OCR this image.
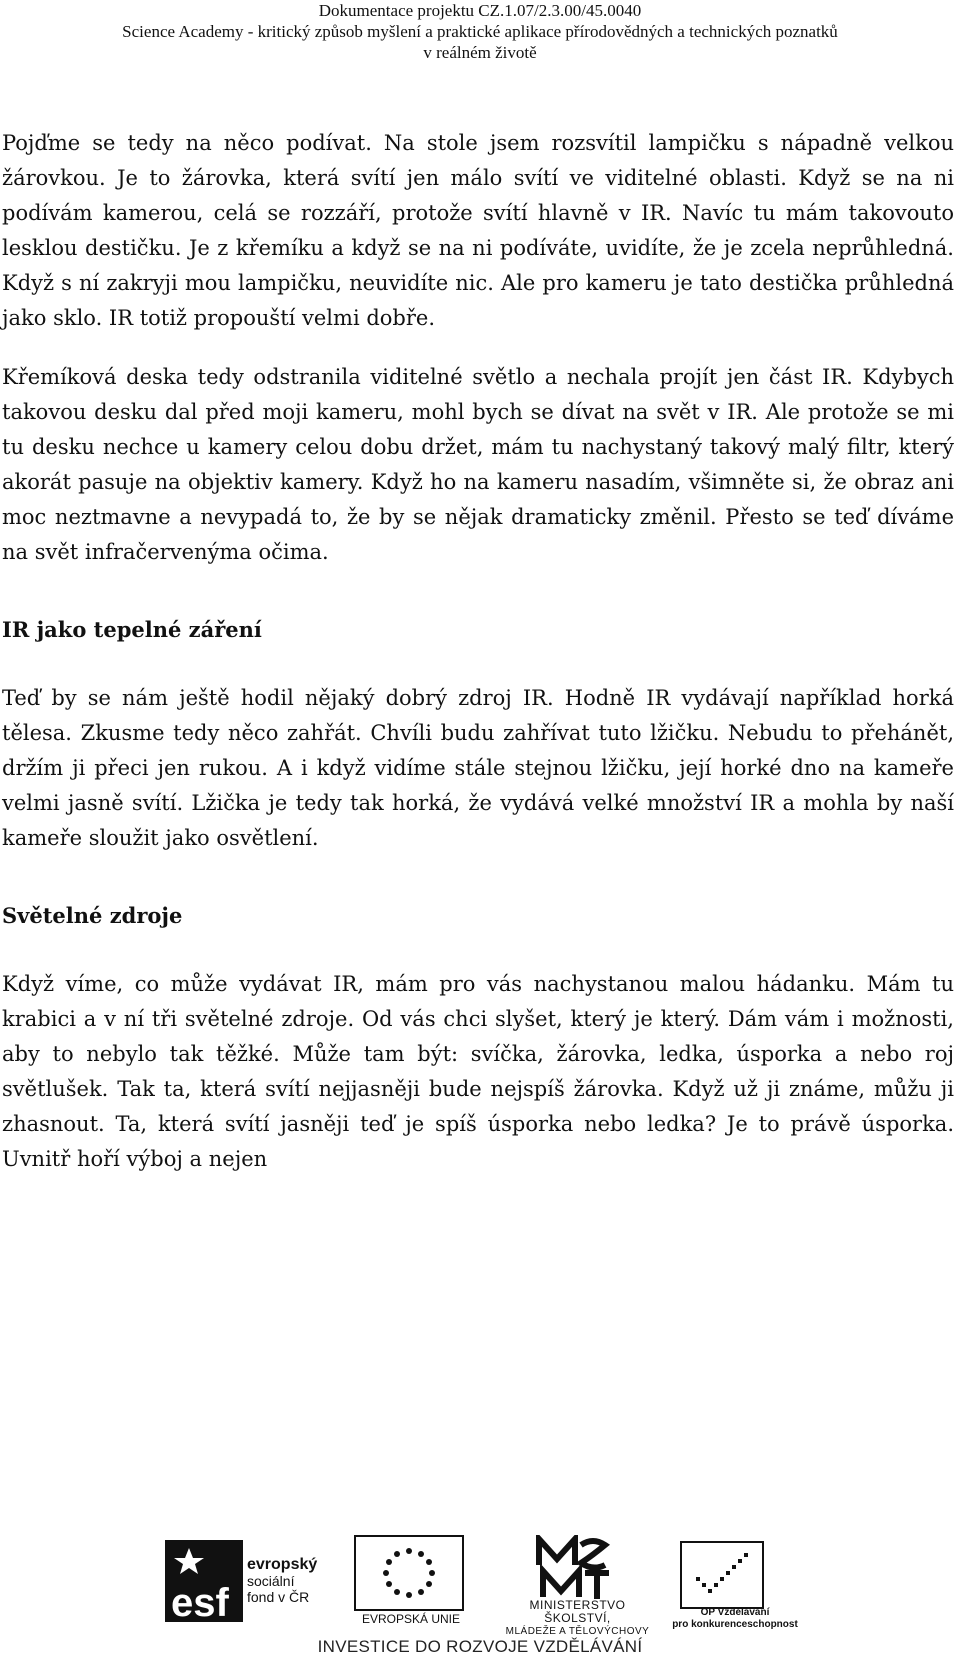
Dokumentace projektu CZ.1.07/2.3.00/45.0040
Science Academy - kritický způsob myšlení a praktické aplikace přírodovědných a technických poznatků
v reálném životě

Pojďme se tedy na něco podívat. Na stole jsem rozsvítil lampičku s nápadně velkou žárovkou. Je to žárovka, která svítí jen málo svítí ve viditelné oblasti. Když se na ni podívám kamerou, celá se rozzáří, protože svítí hlavně v IR. Navíc tu mám takovouto lesklou destičku. Je z křemíku a když se na ni podíváte, uvidíte, že je zcela neprůhledná. Když s ní zakryji mou lampičku, neuvidíte nic. Ale pro kameru je tato destička průhledná jako sklo. IR totiž propouští velmi dobře.

Křemíková deska tedy odstranila viditelné světlo a nechala projít jen část IR. Kdybych takovou desku dal před moji kameru, mohl bych se dívat na svět v IR. Ale protože se mi tu desku nechce u kamery celou dobu držet, mám tu nachystaný takový malý filtr, který akorát pasuje na objektiv kamery. Když ho na kameru nasadím, všimněte si, že obraz ani moc neztmavne a nevypadá to, že by se nějak dramaticky změnil. Přesto se teď díváme na svět infračervenýma očima.

IR jako tepelné záření

Teď by se nám ještě hodil nějaký dobrý zdroj IR. Hodně IR vydávají například horká tělesa. Zkusme tedy něco zahřát. Chvíli budu zahřívat tuto lžičku. Nebudu to přehánět, držím ji přeci jen rukou. A i když vidíme stále stejnou lžičku, její horké dno na kameře velmi jasně svítí. Lžička je tedy tak horká, že vydává velké množství IR a mohla by naší kameře sloužit jako osvětlení.

Světelné zdroje

Když víme, co může vydávat IR, mám pro vás nachystanou malou hádanku. Mám tu krabici a v ní tři světelné zdroje. Od vás chci slyšet, který je který. Dám vám i možnosti, aby to nebylo tak těžké. Může tam být: svíčka, žárovka, ledka, úsporka a nebo roj světlušek. Tak ta, která svítí nejjasněji bude nejspíš žárovka. Když už ji známe, můžu ji zhasnout. Ta, která svítí jasněji teď je spíš úsporka nebo ledka? Je to právě úsporka. Uvnitř hoří výboj a nejen

esf
evropský
sociální
fond v ČR
EVROPSKÁ UNIE
MINISTERSTVO ŠKOLSTVÍ,
MLÁDEŽE A TĚLOVÝCHOVY
OP Vzdělávání
pro konkurenceschopnost
INVESTICE DO ROZVOJE VZDĚLÁVÁNÍ
